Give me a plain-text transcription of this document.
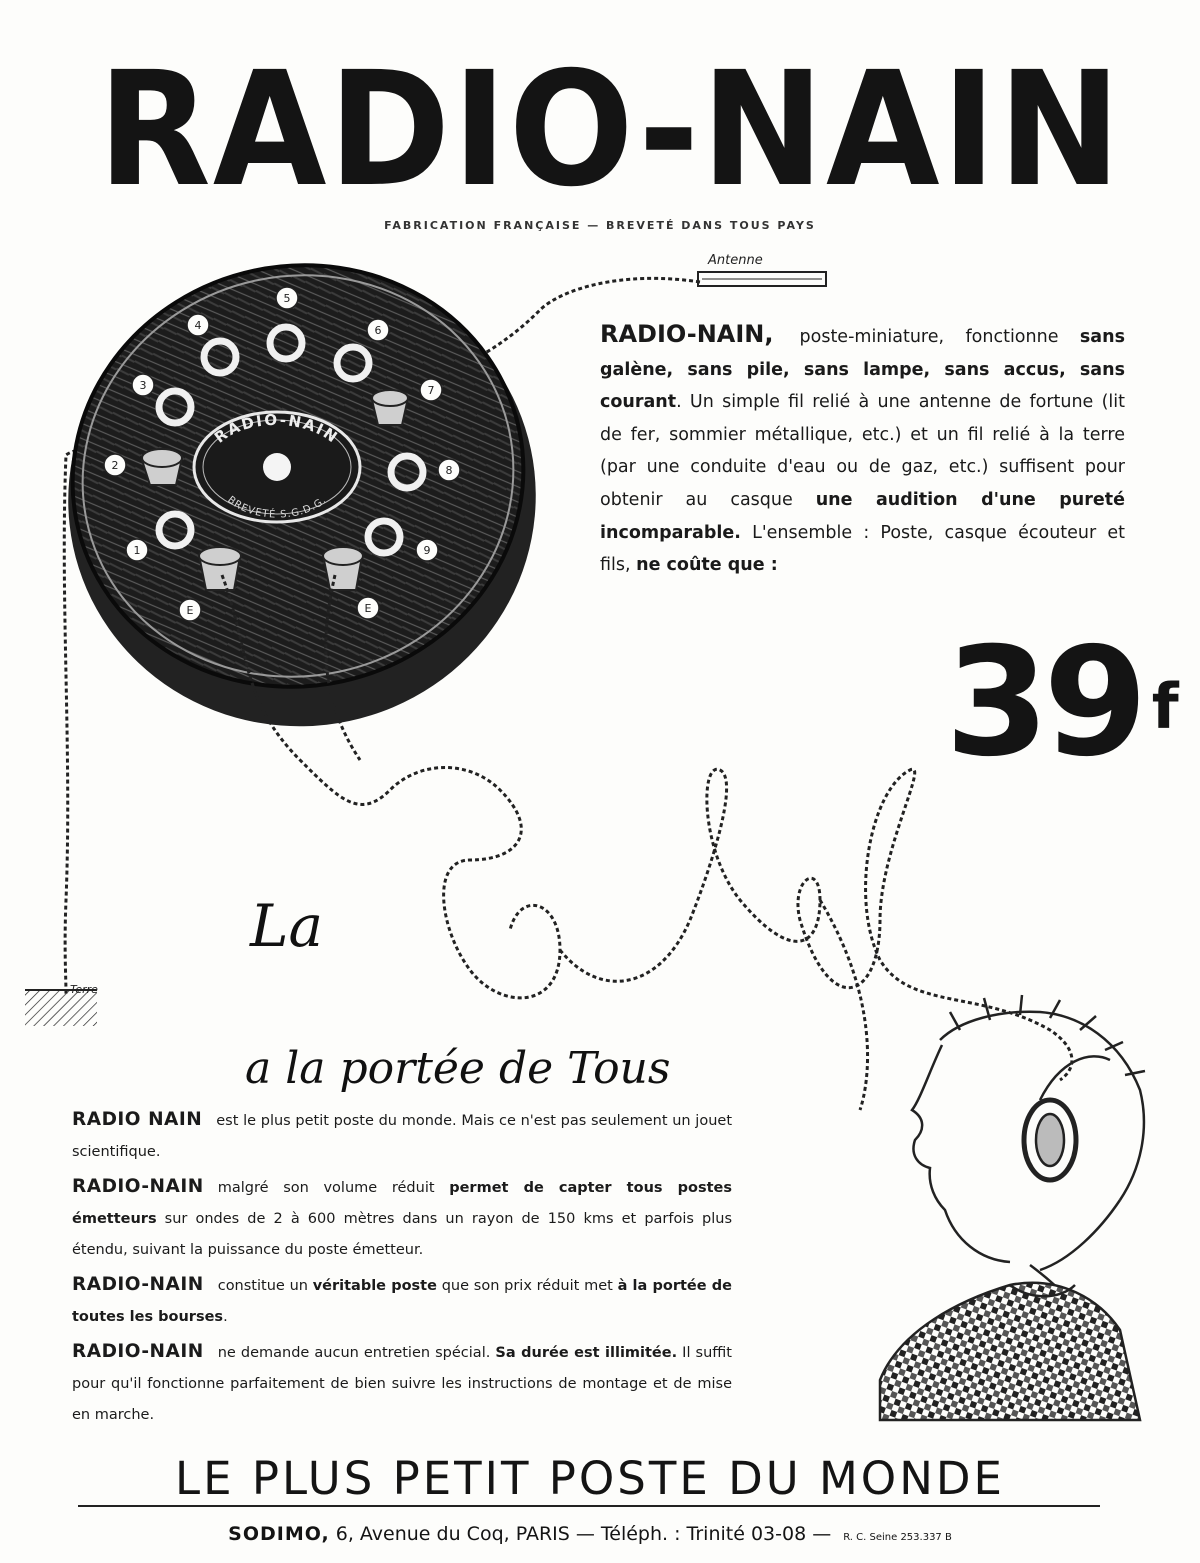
RADIO-NAIN
FABRICATION FRANÇAISE — BREVETÉ DANS TOUS PAYS
Antenne
Terre
RADIO-NAIN
BREVETÉ S.G.D.G.
1
2
3
4
5
6
7
8
9
E	E
RADIO-NAIN, poste-miniature, fonctionne sans galène, sans pile, sans lampe, sans accus, sans courant. Un simple fil relié à une antenne de fortune (lit de fer, sommier métallique, etc.) et un fil relié à la terre (par une conduite d'eau ou de gaz, etc.) suffisent pour obtenir au casque une audition d'une pureté incomparable. L'ensemble : Poste, casque écouteur et fils, ne coûte que :
39 $^f$
La
a la portée de Tous
RADIO NAIN est le plus petit poste du monde. Mais ce n'est pas seulement un jouet scientifique.
RADIO-NAIN malgré son volume réduit permet de capter tous postes émetteurs sur ondes de 2 à 600 mètres dans un rayon de 150 kms et parfois plus étendu, suivant la puissance du poste émetteur.
RADIO-NAIN constitue un véritable poste que son prix réduit met à la portée de toutes les bourses.
RADIO-NAIN ne demande aucun entretien spécial. Sa durée est illimitée. Il suffit pour qu'il fonctionne parfaitement de bien suivre les instructions de montage et de mise en marche.
LE PLUS PETIT POSTE DU MONDE
SODIMO, 6, Avenue du Coq, PARIS — Téléph. : Trinité 03-08 — R. C. Seine 253.337 B
